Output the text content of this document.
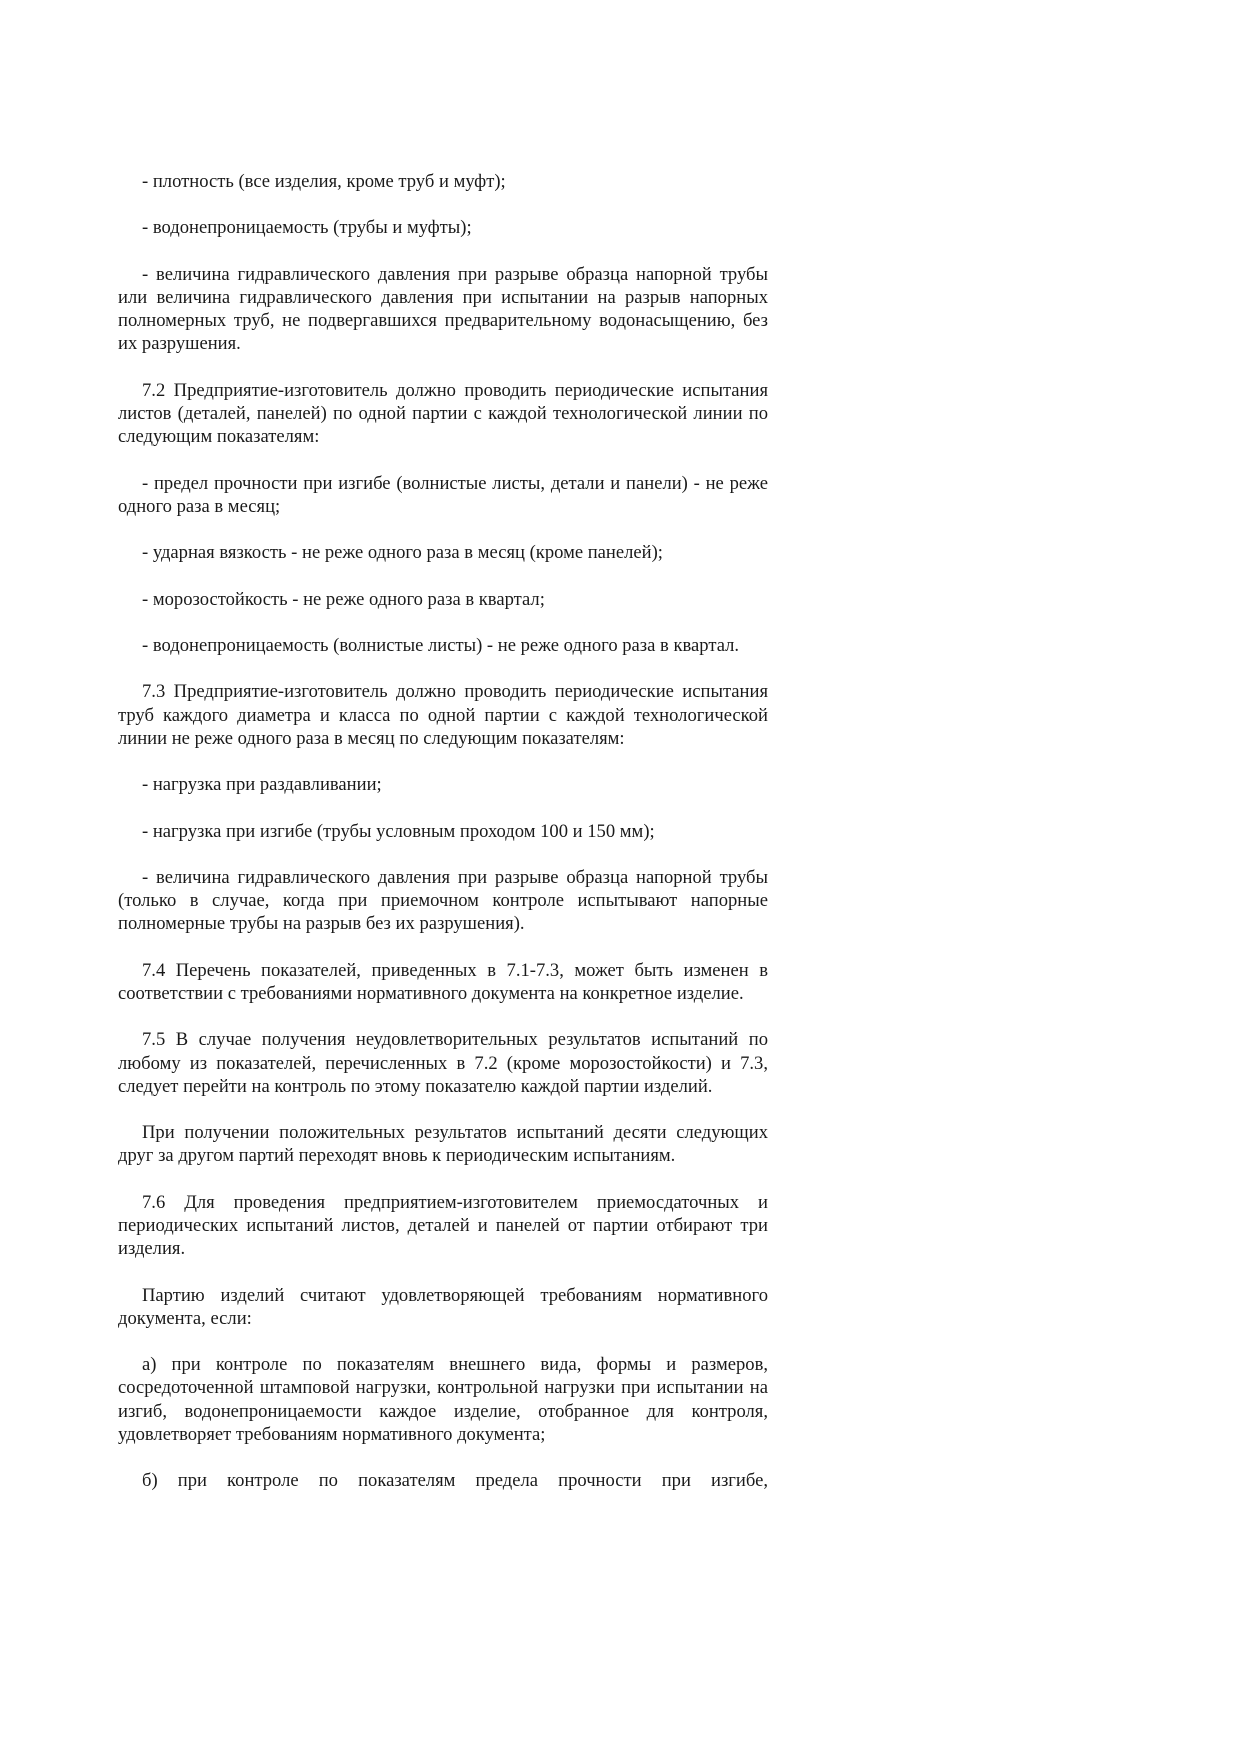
- плотность (все изделия, кроме труб и муфт);

- водонепроницаемость (трубы и муфты);

- величина гидравлического давления при разрыве образца напорной трубы или величина гидравлического давления при испытании на разрыв напорных полномерных труб, не подвергавшихся предварительному водонасыщению, без их разрушения.

7.2 Предприятие-изготовитель должно проводить периодические испытания листов (деталей, панелей) по одной партии с каждой технологической линии по следующим показателям:

- предел прочности при изгибе (волнистые листы, детали и панели) - не реже одного раза в месяц;

- ударная вязкость - не реже одного раза в месяц (кроме панелей);

- морозостойкость - не реже одного раза в квартал;

- водонепроницаемость (волнистые листы) - не реже одного раза в квартал.

7.3 Предприятие-изготовитель должно проводить периодические испытания труб каждого диаметра и класса по одной партии с каждой технологической линии не реже одного раза в месяц по следующим показателям:

- нагрузка при раздавливании;

- нагрузка при изгибе (трубы условным проходом 100 и 150 мм);

- величина гидравлического давления при разрыве образца напорной трубы (только в случае, когда при приемочном контроле испытывают напорные полномерные трубы на разрыв без их разрушения).

7.4 Перечень показателей, приведенных в 7.1-7.3, может быть изменен в соответствии с требованиями нормативного документа на конкретное изделие.

7.5 В случае получения неудовлетворительных результатов испытаний по любому из показателей, перечисленных в 7.2 (кроме морозостойкости) и 7.3, следует перейти на контроль по этому показателю каждой партии изделий.

При получении положительных результатов испытаний десяти следующих друг за другом партий переходят вновь к периодическим испытаниям.

7.6 Для проведения предприятием-изготовителем приемосдаточных и периодических испытаний листов, деталей и панелей от партии отбирают три изделия.

Партию изделий считают удовлетворяющей требованиям нормативного документа, если:

а) при контроле по показателям внешнего вида, формы и размеров, сосредоточенной штамповой нагрузки, контрольной нагрузки при испытании на изгиб, водонепроницаемости каждое изделие, отобранное для контроля, удовлетворяет требованиям нормативного документа;

б) при контроле по показателям предела прочности при изгибе,
